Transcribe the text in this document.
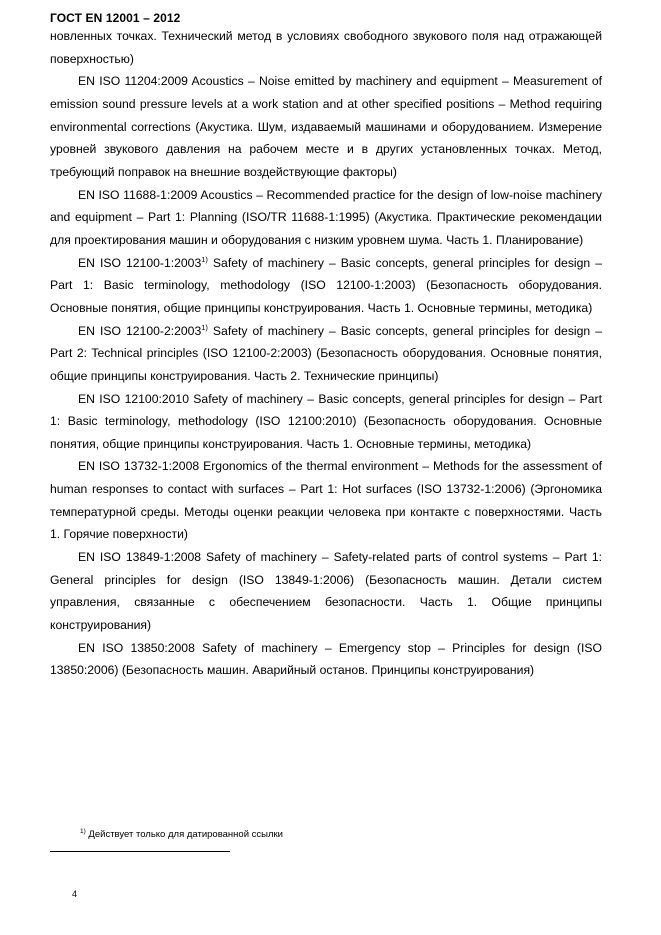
ГОСТ EN 12001 – 2012

новленных точках. Технический метод в условиях свободного звукового поля над отражающей поверхностью)

EN ISO 11204:2009 Acoustics – Noise emitted by machinery and equipment – Measurement of emission sound pressure levels at a work station and at other specified positions – Method requiring environmental corrections (Акустика. Шум, издаваемый машинами и оборудованием. Измерение уровней звукового давления на рабочем месте и в других установленных точках. Метод, требующий поправок на внешние воздействующие факторы)

EN ISO 11688-1:2009 Acoustics – Recommended practice for the design of low-noise machinery and equipment – Part 1: Planning (ISO/TR 11688-1:1995) (Акустика. Практические рекомендации для проектирования машин и оборудования с низким уровнем шума. Часть 1. Планирование)

EN ISO 12100-1:2003$^{1)}$ Safety of machinery – Basic concepts, general principles for design – Part 1: Basic terminology, methodology (ISO 12100-1:2003) (Безопасность оборудования. Основные понятия, общие принципы конструирования. Часть 1. Основные термины, методика)

EN ISO 12100-2:2003$^{1)}$ Safety of machinery – Basic concepts, general principles for design – Part 2: Technical principles (ISO 12100-2:2003) (Безопасность оборудования. Основные понятия, общие принципы конструирования. Часть 2. Технические принципы)

EN ISO 12100:2010 Safety of machinery – Basic concepts, general principles for design – Part 1: Basic terminology, methodology (ISO 12100:2010) (Безопасность оборудования. Основные понятия, общие принципы конструирования. Часть 1. Основные термины, методика)

EN ISO 13732-1:2008 Ergonomics of the thermal environment – Methods for the assessment of human responses to contact with surfaces – Part 1: Hot surfaces (ISO 13732-1:2006) (Эргономика температурной среды. Методы оценки реакции человека при контакте с поверхностями. Часть 1. Горячие поверхности)

EN ISO 13849-1:2008 Safety of machinery – Safety-related parts of control systems – Part 1: General principles for design (ISO 13849-1:2006) (Безопасность машин. Детали систем управления, связанные с обеспечением безопасности. Часть 1. Общие принципы конструирования)

EN ISO 13850:2008 Safety of machinery – Emergency stop – Principles for design (ISO 13850:2006) (Безопасность машин. Аварийный останов. Принципы конструирования)

$^{1)}$ Действует только для датированной ссылки
4
